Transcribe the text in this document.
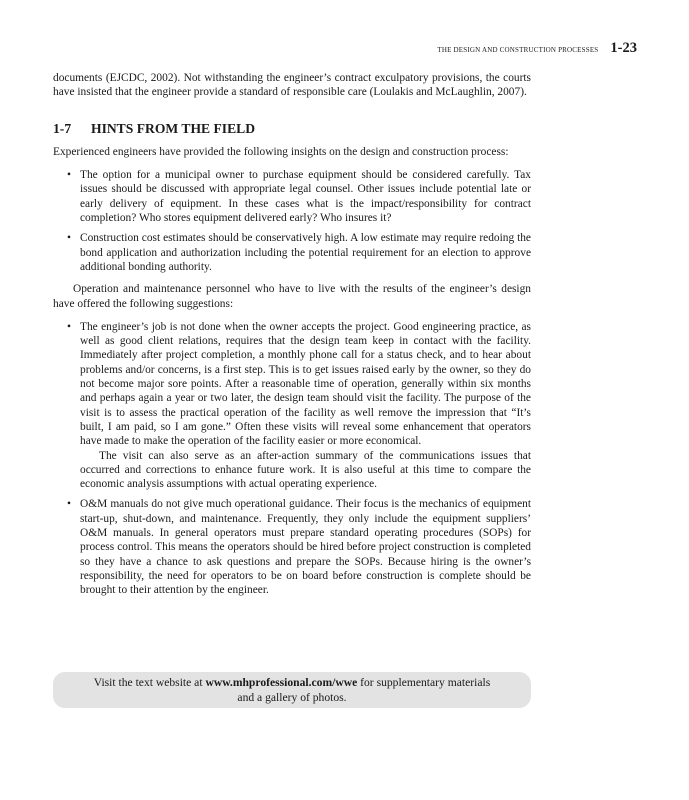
THE DESIGN AND CONSTRUCTION PROCESSES 1-23

documents (EJCDC, 2002). Not withstanding the engineer’s contract exculpatory provisions, the courts have insisted that the engineer provide a standard of responsible care (Loulakis and McLaughlin, 2007).

1-7	HINTS FROM THE FIELD

Experienced engineers have provided the following insights on the design and construction process:

• The option for a municipal owner to purchase equipment should be considered carefully. Tax issues should be discussed with appropriate legal counsel. Other issues include potential late or early delivery of equipment. In these cases what is the impact/responsibility for contract completion? Who stores equipment delivered early? Who insures it?

• Construction cost estimates should be conservatively high. A low estimate may require redoing the bond application and authorization including the potential requirement for an election to approve additional bonding authority.

Operation and maintenance personnel who have to live with the results of the engineer’s design have offered the following suggestions:

• The engineer’s job is not done when the owner accepts the project. Good engineering practice, as well as good client relations, requires that the design team keep in contact with the facility. Immediately after project completion, a monthly phone call for a status check, and to hear about problems and/or concerns, is a first step. This is to get issues raised early by the owner, so they do not become major sore points. After a reasonable time of operation, generally within six months and perhaps again a year or two later, the design team should visit the facility. The purpose of the visit is to assess the practical operation of the facility as well remove the impression that “It’s built, I am paid, so I am gone.” Often these visits will reveal some enhancement that operators have made to make the operation of the facility easier or more economical.

The visit can also serve as an after-action summary of the communications issues that occurred and corrections to enhance future work. It is also useful at this time to compare the economic analysis assumptions with actual operating experience.

• O&M manuals do not give much operational guidance. Their focus is the mechanics of equipment start-up, shut-down, and maintenance. Frequently, they only include the equipment suppliers’ O&M manuals. In general operators must prepare standard operating procedures (SOPs) for process control. This means the operators should be hired before project construction is completed so they have a chance to ask questions and prepare the SOPs. Because hiring is the owner’s responsibility, the need for operators to be on board before construction is complete should be brought to their attention by the engineer.

Visit the text website at www.mhprofessional.com/wwe for supplementary materials
and a gallery of photos.
